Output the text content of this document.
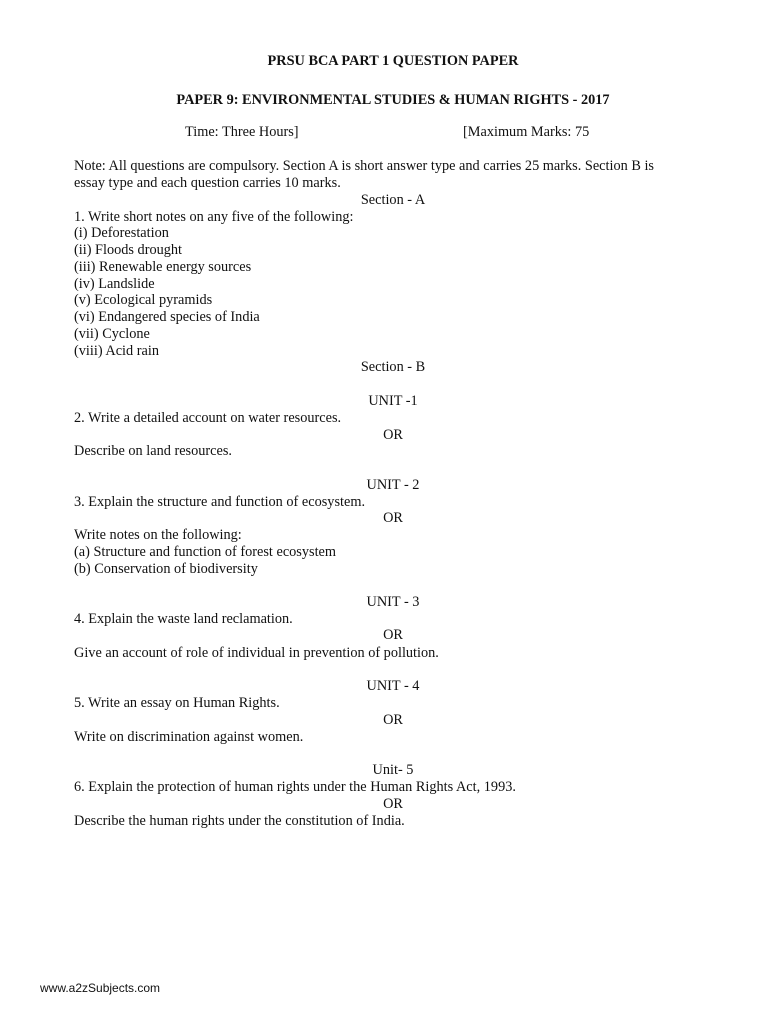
PRSU BCA PART 1 QUESTION PAPER
PAPER 9: ENVIRONMENTAL STUDIES & HUMAN RIGHTS - 2017
Time: Three Hours]	[Maximum Marks: 75
Note: All questions are compulsory. Section A is short answer type and carries 25 marks. Section B is
essay type and each question carries 10 marks.
Section - A
1. Write short notes on any five of the following:
(i) Deforestation
(ii) Floods drought
(iii) Renewable energy sources
(iv) Landslide
(v) Ecological pyramids
(vi) Endangered species of India
(vii) Cyclone
(viii) Acid rain
Section - B
UNIT -1
2. Write a detailed account on water resources.
OR
Describe on land resources.
UNIT - 2
3. Explain the structure and function of ecosystem.
OR
Write notes on the following:
(a) Structure and function of forest ecosystem
(b) Conservation of biodiversity
UNIT - 3
4. Explain the waste land reclamation.
OR
Give an account of role of individual in prevention of pollution.
UNIT - 4
5. Write an essay on Human Rights.
OR
Write on discrimination against women.
Unit- 5
6. Explain the protection of human rights under the Human Rights Act, 1993.
OR
Describe the human rights under the constitution of India.
www.a2zSubjects.com
